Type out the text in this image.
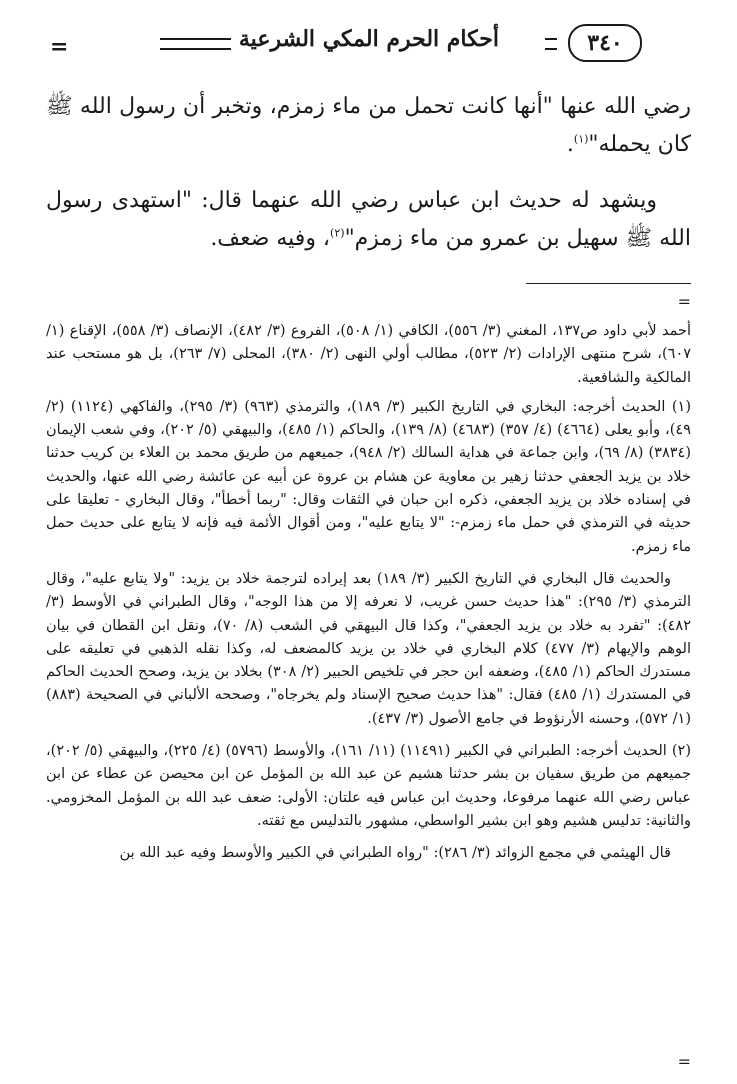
٣٤٠
أحكام الحرم المكي الشرعية
=

رضي الله عنها "أنها كانت تحمل من ماء زمزم، وتخبر أن رسول الله ﷺ كان يحمله"$^{(١)}$.

ويشهد له حديث ابن عباس رضي الله عنهما قال: "استهدى رسول الله ﷺ سهيل بن عمرو من ماء زمزم"$^{(٢)}$، وفيه ضعف.

=

أحمد لأبي داود ص١٣٧، المغني (٣/ ٥٥٦)، الكافي (١/ ٥٠٨)، الفروع (٣/ ٤٨٢)، الإنصاف (٣/ ٥٥٨)، الإقناع (١/ ٦٠٧)، شرح منتهى الإرادات (٢/ ٥٢٣)، مطالب أولي النهى (٢/ ٣٨٠)، المحلى (٧/ ٢٦٣)، بل هو مستحب عند المالكية والشافعية.

(١) الحديث أخرجه: البخاري في التاريخ الكبير (٣/ ١٨٩)، والترمذي (٩٦٣) (٣/ ٢٩٥)، والفاكهي (١١٢٤) (٢/ ٤٩)، وأبو يعلى (٤٦٦٤) (٤/ ٣٥٧) (٤٦٨٣) (٨/ ١٣٩)، والحاكم (١/ ٤٨٥)، والبيهقي (٥/ ٢٠٢)، وفي شعب الإيمان (٣٨٣٤) (٨/ ٦٩)، وابن جماعة في هداية السالك (٢/ ٩٤٨)، جميعهم من طريق محمد بن العلاء بن كريب حدثنا خلاد بن يزيد الجعفي حدثنا زهير بن معاوية عن هشام بن عروة عن أبيه عن عائشة رضي الله عنها، والحديث في إسناده خلاد بن يزيد الجعفي، ذكره ابن حبان في الثقات وقال: "ربما أخطأ"، وقال البخاري - تعليقا على حديثه في الترمذي في حمل ماء زمزم-: "لا يتابع عليه"، ومن أقوال الأئمة فيه فإنه لا يتابع على حديث حمل ماء زمزم.

والحديث قال البخاري في التاريخ الكبير (٣/ ١٨٩) بعد إيراده لترجمة خلاد بن يزيد: "ولا يتابع عليه"، وقال الترمذي (٣/ ٢٩٥): "هذا حديث حسن غريب، لا نعرفه إلا من هذا الوجه"، وقال الطبراني في الأوسط (٣/ ٤٨٢): "تفرد به خلاد بن يزيد الجعفي"، وكذا قال البيهقي في الشعب (٨/ ٧٠)، ونقل ابن القطان في بيان الوهم والإيهام (٣/ ٤٧٧) كلام البخاري في خلاد بن يزيد كالمضعف له، وكذا نقله الذهبي في تعليقه على مستدرك الحاكم (١/ ٤٨٥)، وضعفه ابن حجر في تلخيص الحبير (٢/ ٣٠٨) بخلاد بن يزيد، وصحح الحديث الحاكم في المستدرك (١/ ٤٨٥) فقال: "هذا حديث صحيح الإسناد ولم يخرجاه"، وصححه الألباني في الصحيحة (٨٨٣) (١/ ٥٧٢)، وحسنه الأرنؤوط في جامع الأصول (٣/ ٤٣٧).

(٢) الحديث أخرجه: الطبراني في الكبير (١١٤٩١) (١١/ ١٦١)، والأوسط (٥٧٩٦) (٤/ ٢٢٥)، والبيهقي (٥/ ٢٠٢)، جميعهم من طريق سفيان بن بشر حدثنا هشيم عن عبد الله بن المؤمل عن ابن محيصن عن عطاء عن ابن عباس رضي الله عنهما مرفوعا، وحديث ابن عباس فيه علتان: الأولى: ضعف عبد الله بن المؤمل المخزومي. والثانية: تدليس هشيم وهو ابن بشير الواسطي، مشهور بالتدليس مع ثقته.

قال الهيثمي في مجمع الزوائد (٣/ ٢٨٦): "رواه الطبراني في الكبير والأوسط وفيه عبد الله بن

=
